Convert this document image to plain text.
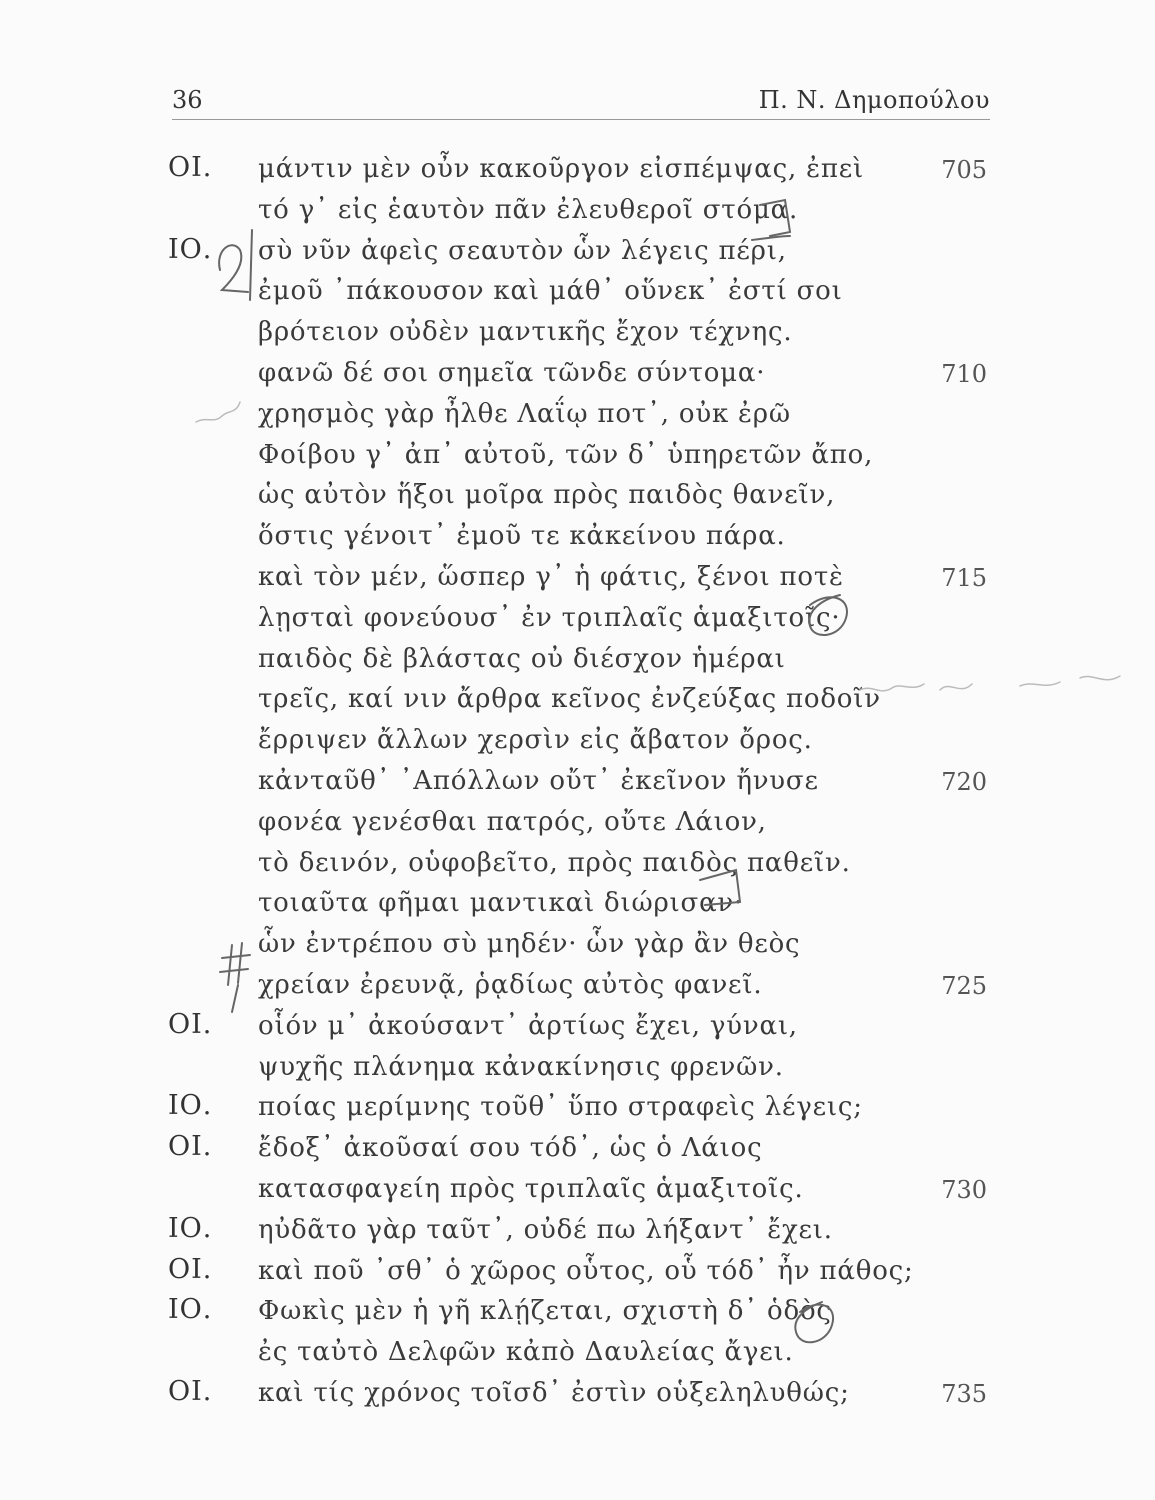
36	Π. Ν. Δημοπούλου
ΟΙ. μάντιν μὲν οὖν κακοῦργον εἰσπέμψας, ἐπεὶ	705
τό γ᾽ εἰς ἑαυτὸν πᾶν ἐλευθεροῖ στόμα.
ΙΟ. σὺ νῦν ἀφεὶς σεαυτὸν ὧν λέγεις πέρι,
ἐμοῦ ᾽πάκουσον καὶ μάθ᾽ οὕνεκ᾽ ἐστί σοι
βρότειον οὐδὲν μαντικῆς ἔχον τέχνης.
φανῶ δέ σοι σημεῖα τῶνδε σύντομα·	710
χρησμὸς γὰρ ἦλθε Λαΐῳ ποτ᾽, οὐκ ἐρῶ
Φοίβου γ᾽ ἀπ᾽ αὐτοῦ, τῶν δ᾽ ὑπηρετῶν ἄπο,
ὡς αὐτὸν ἥξοι μοῖρα πρὸς παιδὸς θανεῖν,
ὅστις γένοιτ᾽ ἐμοῦ τε κἀκείνου πάρα.
καὶ τὸν μέν, ὥσπερ γ᾽ ἡ φάτις, ξένοι ποτὲ	715
λῃσταὶ φονεύουσ᾽ ἐν τριπλαῖς ἁμαξιτοῖς·
παιδὸς δὲ βλάστας οὐ διέσχον ἡμέραι
τρεῖς, καί νιν ἄρθρα κεῖνος ἐνζεύξας ποδοῖν
ἔρριψεν ἄλλων χερσὶν εἰς ἄβατον ὄρος.
κἀνταῦθ᾽ ᾽Απόλλων οὔτ᾽ ἐκεῖνον ἤνυσε	720
φονέα γενέσθαι πατρός, οὔτε Λάιον,
τὸ δεινόν, οὑφοβεῖτο, πρὸς παιδὸς παθεῖν.
τοιαῦτα φῆμαι μαντικαὶ διώρισαν·
ὧν ἐντρέπου σὺ μηδέν· ὧν γὰρ ἂν θεὸς
χρείαν ἐρευνᾷ, ῥᾳδίως αὐτὸς φανεῖ.	725
ΟΙ. οἷόν μ᾽ ἀκούσαντ᾽ ἀρτίως ἔχει, γύναι,
ψυχῆς πλάνημα κἀνακίνησις φρενῶν.
ΙΟ. ποίας μερίμνης τοῦθ᾽ ὕπο στραφεὶς λέγεις;
ΟΙ. ἔδοξ᾽ ἀκοῦσαί σου τόδ᾽, ὡς ὁ Λάιος
κατασφαγείη πρὸς τριπλαῖς ἁμαξιτοῖς.	730
ΙΟ. ηὐδᾶτο γὰρ ταῦτ᾽, οὐδέ πω λήξαντ᾽ ἔχει.
ΟΙ. καὶ ποῦ ᾽σθ᾽ ὁ χῶρος οὗτος, οὗ τόδ᾽ ἦν πάθος;
ΙΟ. Φωκὶς μὲν ἡ γῆ κλῄζεται, σχιστὴ δ᾽ ὁδὸς
ἐς ταὐτὸ Δελφῶν κἀπὸ Δαυλείας ἄγει.
ΟΙ. καὶ τίς χρόνος τοῖσδ᾽ ἐστὶν οὑξεληλυθώς;	735
